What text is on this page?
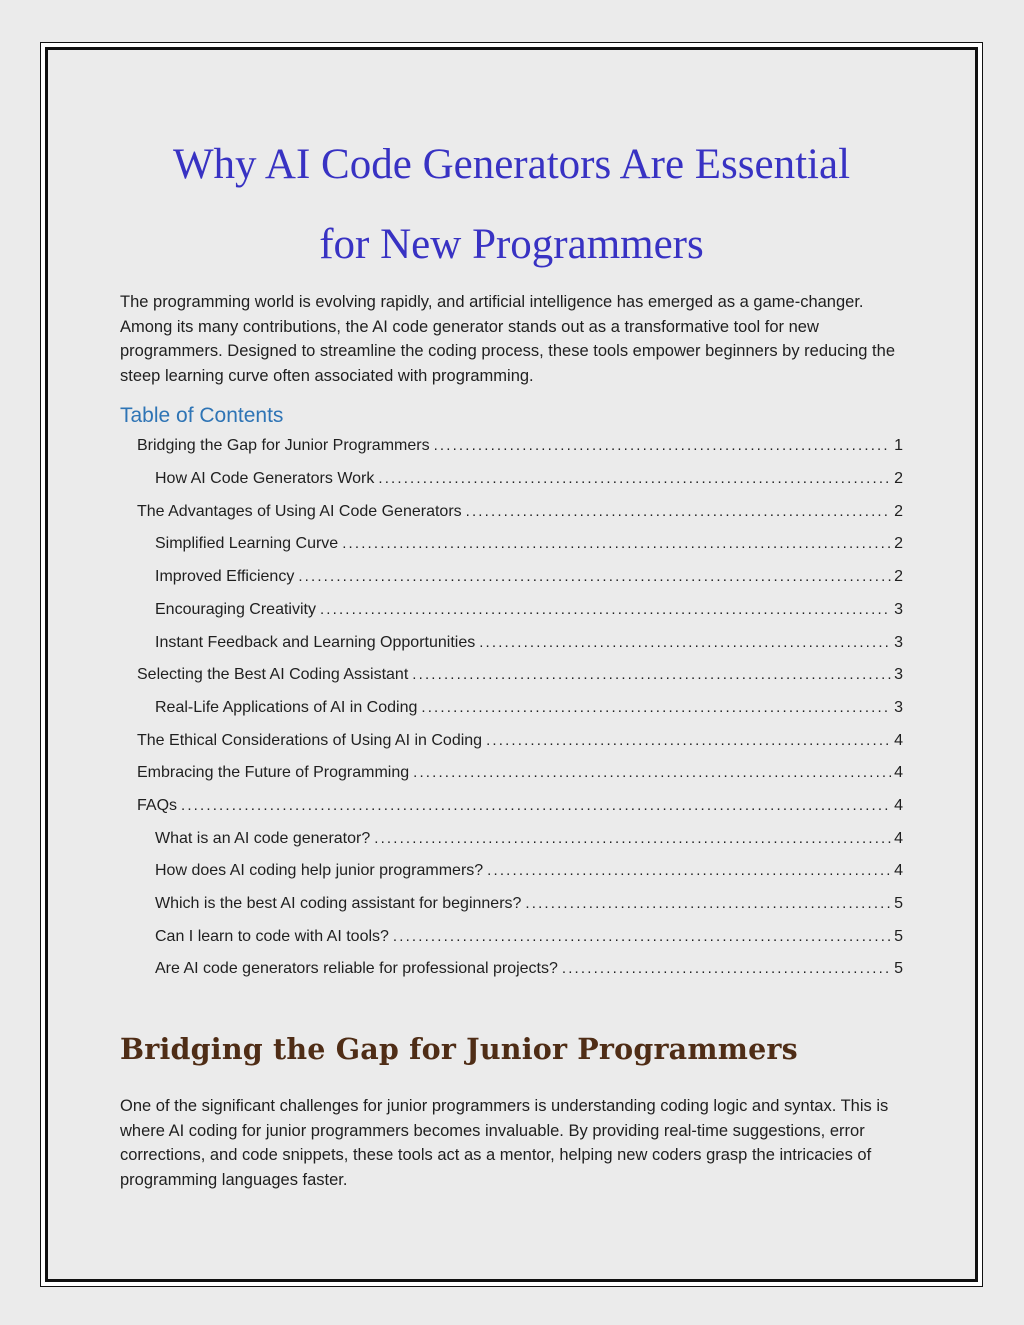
Why AI Code Generators Are Essential
for New Programmers

The programming world is evolving rapidly, and artificial intelligence has emerged as a game-changer. Among its many contributions, the AI code generator stands out as a transformative tool for new programmers. Designed to streamline the coding process, these tools empower beginners by reducing the steep learning curve often associated with programming.

Table of Contents
Bridging the Gap for Junior Programmers . . .	1
How AI Code Generators Work . . .	2
The Advantages of Using AI Code Generators . . .	2
Simplified Learning Curve . . .	2
Improved Efficiency . . .	2
Encouraging Creativity . . .	3
Instant Feedback and Learning Opportunities . . .	3
Selecting the Best AI Coding Assistant . . .	3
Real-Life Applications of AI in Coding . . .	3
The Ethical Considerations of Using AI in Coding . . .	4
Embracing the Future of Programming . . .	4
FAQs . . .	4
What is an AI code generator? . . .	4
How does AI coding help junior programmers? . . .	4
Which is the best AI coding assistant for beginners? . . .	5
Can I learn to code with AI tools? . . .	5
Are AI code generators reliable for professional projects? . . .	5
Bridging the Gap for Junior Programmers

One of the significant challenges for junior programmers is understanding coding logic and syntax. This is where AI coding for junior programmers becomes invaluable. By providing real-time suggestions, error corrections, and code snippets, these tools act as a mentor, helping new coders grasp the intricacies of programming languages faster.
